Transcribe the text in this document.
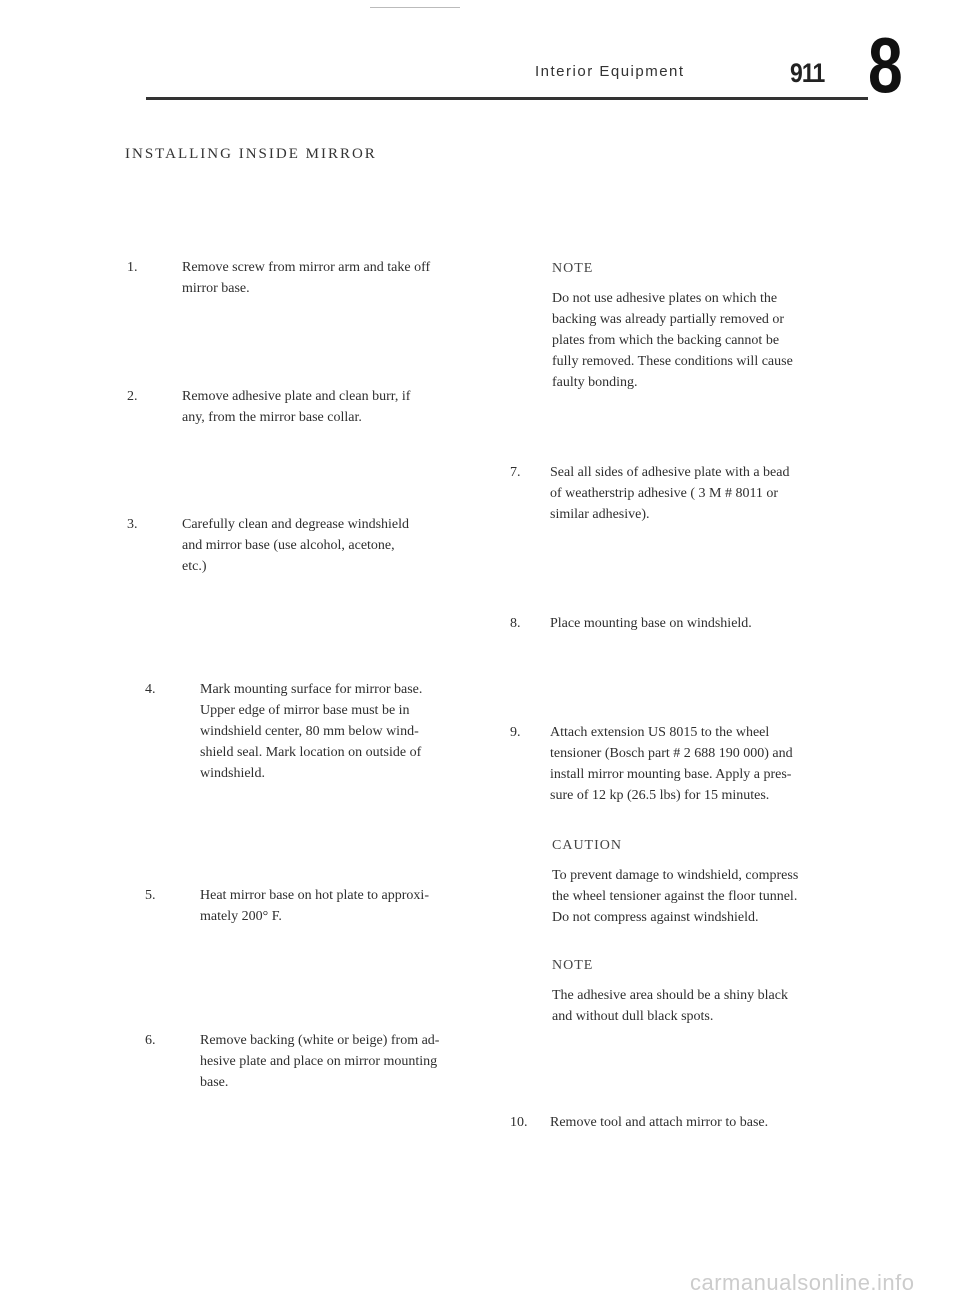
Interior Equipment	911 8
INSTALLING INSIDE MIRROR
1.	Remove screw from mirror arm and take off
mirror base.
2.	Remove adhesive plate and clean burr, if
any, from the mirror base collar.
3.	Carefully clean and degrease windshield
and mirror base (use alcohol, acetone,
etc.)
4.	Mark mounting surface for mirror base.
Upper edge of mirror base must be in
windshield center, 80 mm below wind-
shield seal. Mark location on outside of
windshield.
5.	Heat mirror base on hot plate to approxi-
mately 200° F.
6.	Remove backing (white or beige) from ad-
hesive plate and place on mirror mounting
base.
NOTE
Do not use adhesive plates on which the
backing was already partially removed or
plates from which the backing cannot be
fully removed. These conditions will cause
faulty bonding.
7. Seal all sides of adhesive plate with a bead
of weatherstrip adhesive ( 3 M # 8011 or
similar adhesive).
8. Place mounting base on windshield.
9. Attach extension US 8015 to the wheel
tensioner (Bosch part # 2 688 190 000) and
install mirror mounting base. Apply a pres-
sure of 12 kp (26.5 lbs) for 15 minutes.
CAUTION
To prevent damage to windshield, compress
the wheel tensioner against the floor tunnel.
Do not compress against windshield.
NOTE
The adhesive area should be a shiny black
and without dull black spots.
10. Remove tool and attach mirror to base.
carmanualsonline.info
